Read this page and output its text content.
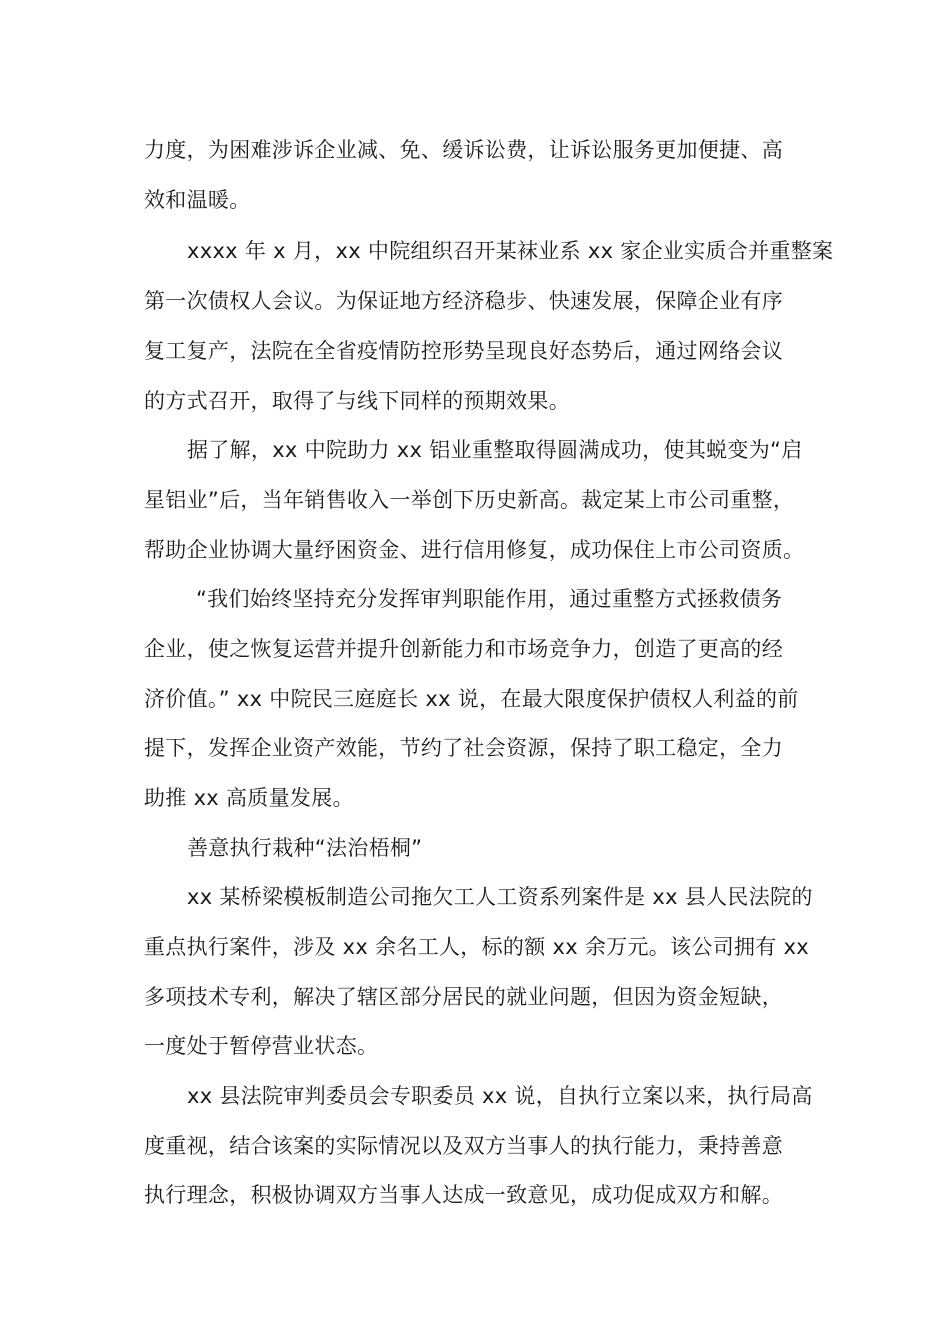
力度，为困难涉诉企业减、免、缓诉讼费，让诉讼服务更加便捷、高
效和温暖。
xxxx 年 x 月，xx 中院组织召开某袜业系 xx 家企业实质合并重整案
第一次债权人会议。为保证地方经济稳步、快速发展，保障企业有序
复工复产，法院在全省疫情防控形势呈现良好态势后，通过网络会议
的方式召开，取得了与线下同样的预期效果。
据了解，xx 中院助力 xx 铝业重整取得圆满成功，使其蜕变为“启
星铝业”后，当年销售收入一举创下历史新高。裁定某上市公司重整，
帮助企业协调大量纾困资金、进行信用修复，成功保住上市公司资质。
“我们始终坚持充分发挥审判职能作用，通过重整方式拯救债务
企业，使之恢复运营并提升创新能力和市场竞争力，创造了更高的经
济价值。” xx 中院民三庭庭长 xx 说，在最大限度保护债权人利益的前
提下，发挥企业资产效能，节约了社会资源，保持了职工稳定，全力
助推 xx 高质量发展。
善意执行栽种“法治梧桐”
xx 某桥梁模板制造公司拖欠工人工资系列案件是 xx 县人民法院的
重点执行案件，涉及 xx 余名工人，标的额 xx 余万元。该公司拥有 xx
多项技术专利，解决了辖区部分居民的就业问题，但因为资金短缺，
一度处于暂停营业状态。
xx 县法院审判委员会专职委员 xx 说，自执行立案以来，执行局高
度重视，结合该案的实际情况以及双方当事人的执行能力，秉持善意
执行理念，积极协调双方当事人达成一致意见，成功促成双方和解。
